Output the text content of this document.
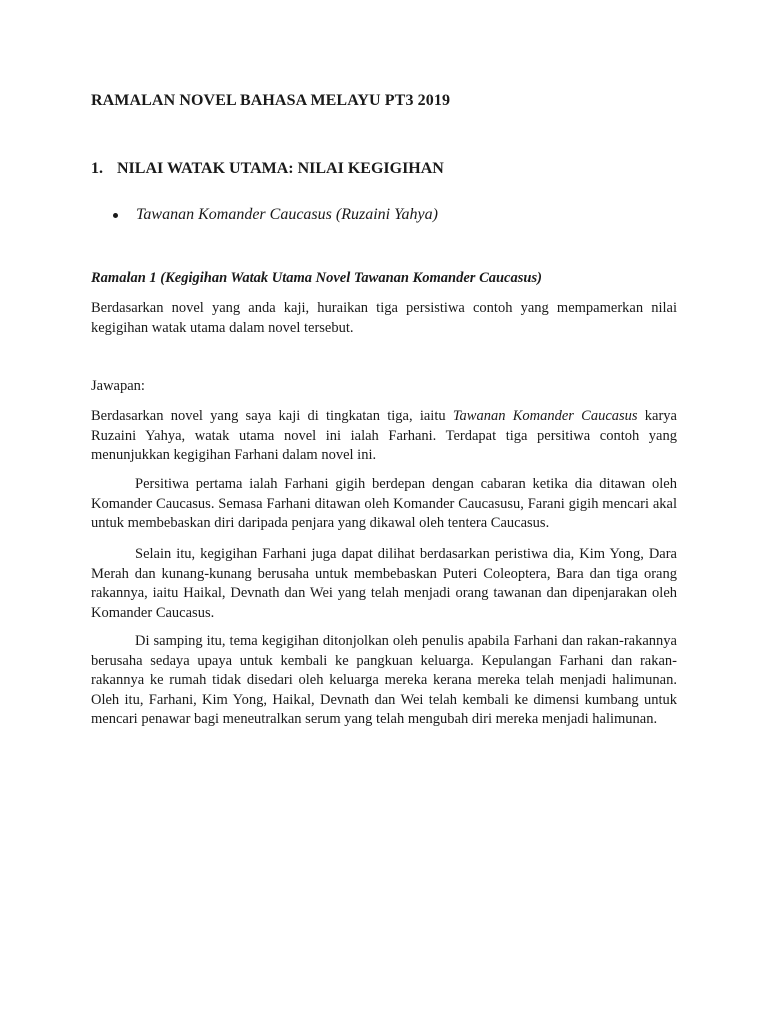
RAMALAN NOVEL BAHASA MELAYU PT3 2019
1. NILAI WATAK UTAMA: NILAI KEGIGIHAN
Tawanan Komander Caucasus (Ruzaini Yahya)

Ramalan 1 (Kegigihan Watak Utama Novel Tawanan Komander Caucasus)

Berdasarkan novel yang anda kaji, huraikan tiga persistiwa contoh yang mempamerkan nilai kegigihan watak utama dalam novel tersebut.

Jawapan:

Berdasarkan novel yang saya kaji di tingkatan tiga, iaitu Tawanan Komander Caucasus karya Ruzaini Yahya, watak utama novel ini ialah Farhani. Terdapat tiga persitiwa contoh yang menunjukkan kegigihan Farhani dalam novel ini.

Persitiwa pertama ialah Farhani gigih berdepan dengan cabaran ketika dia ditawan oleh Komander Caucasus. Semasa Farhani ditawan oleh Komander Caucasusu, Farani gigih mencari akal untuk membebaskan diri daripada penjara yang dikawal oleh tentera Caucasus.

Selain itu, kegigihan Farhani juga dapat dilihat berdasarkan peristiwa dia, Kim Yong, Dara Merah dan kunang-kunang berusaha untuk membebaskan Puteri Coleoptera, Bara dan tiga orang rakannya, iaitu Haikal, Devnath dan Wei yang telah menjadi orang tawanan dan dipenjarakan oleh Komander Caucasus.

Di samping itu, tema kegigihan ditonjolkan oleh penulis apabila Farhani dan rakan-rakannya berusaha sedaya upaya untuk kembali ke pangkuan keluarga. Kepulangan Farhani dan rakan-rakannya ke rumah tidak disedari oleh keluarga mereka kerana mereka telah menjadi halimunan. Oleh itu, Farhani, Kim Yong, Haikal, Devnath dan Wei telah kembali ke dimensi kumbang untuk mencari penawar bagi meneutralkan serum yang telah mengubah diri mereka menjadi halimunan.
